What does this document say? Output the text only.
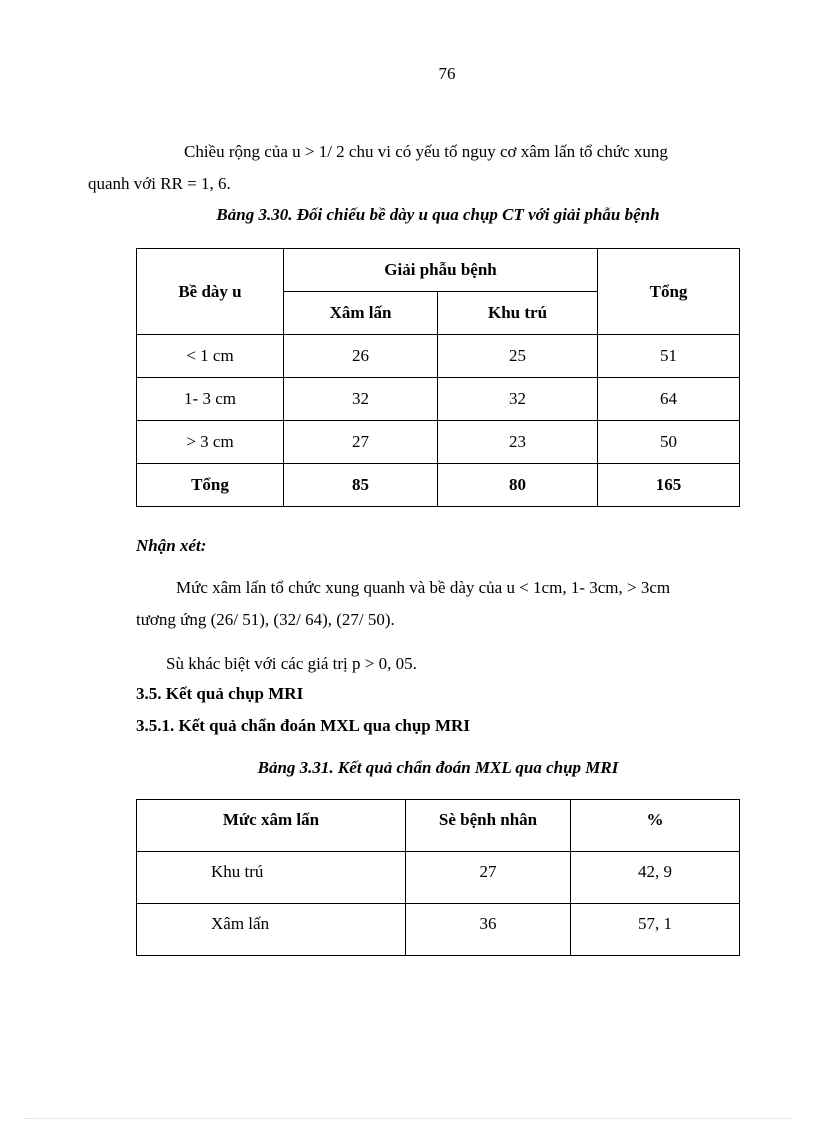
76

Chiều rộng của u > 1/ 2 chu vi có yếu tố nguy cơ xâm lấn tổ chức xung
quanh với RR = 1, 6.

Bảng 3.30. Đối chiếu bề dày u qua chụp CT với giải phẫu bệnh
Bề dày u	Giải phẫu bệnh		Tổng
	Xâm lấn	Khu trú	
< 1 cm	26	25	51
1- 3 cm	32	32	64
> 3 cm	27	23	50
Tổng	85	80	165
Nhận xét:

Mức xâm lấn tổ chức xung quanh và bề dày của u < 1cm, 1- 3cm, > 3cm
tương ứng (26/ 51), (32/ 64), (27/ 50).

Sù khác biệt với các giá trị p > 0, 05.

3.5. Kết quả chụp MRI
3.5.1. Kết quả chẩn đoán MXL qua chụp MRI
Bảng 3.31. Kết quả chẩn đoán MXL qua chụp MRI
Mức xâm lấn	Sè bệnh nhân	%
Khu trú	27	42, 9
Xâm lấn	36	57, 1
